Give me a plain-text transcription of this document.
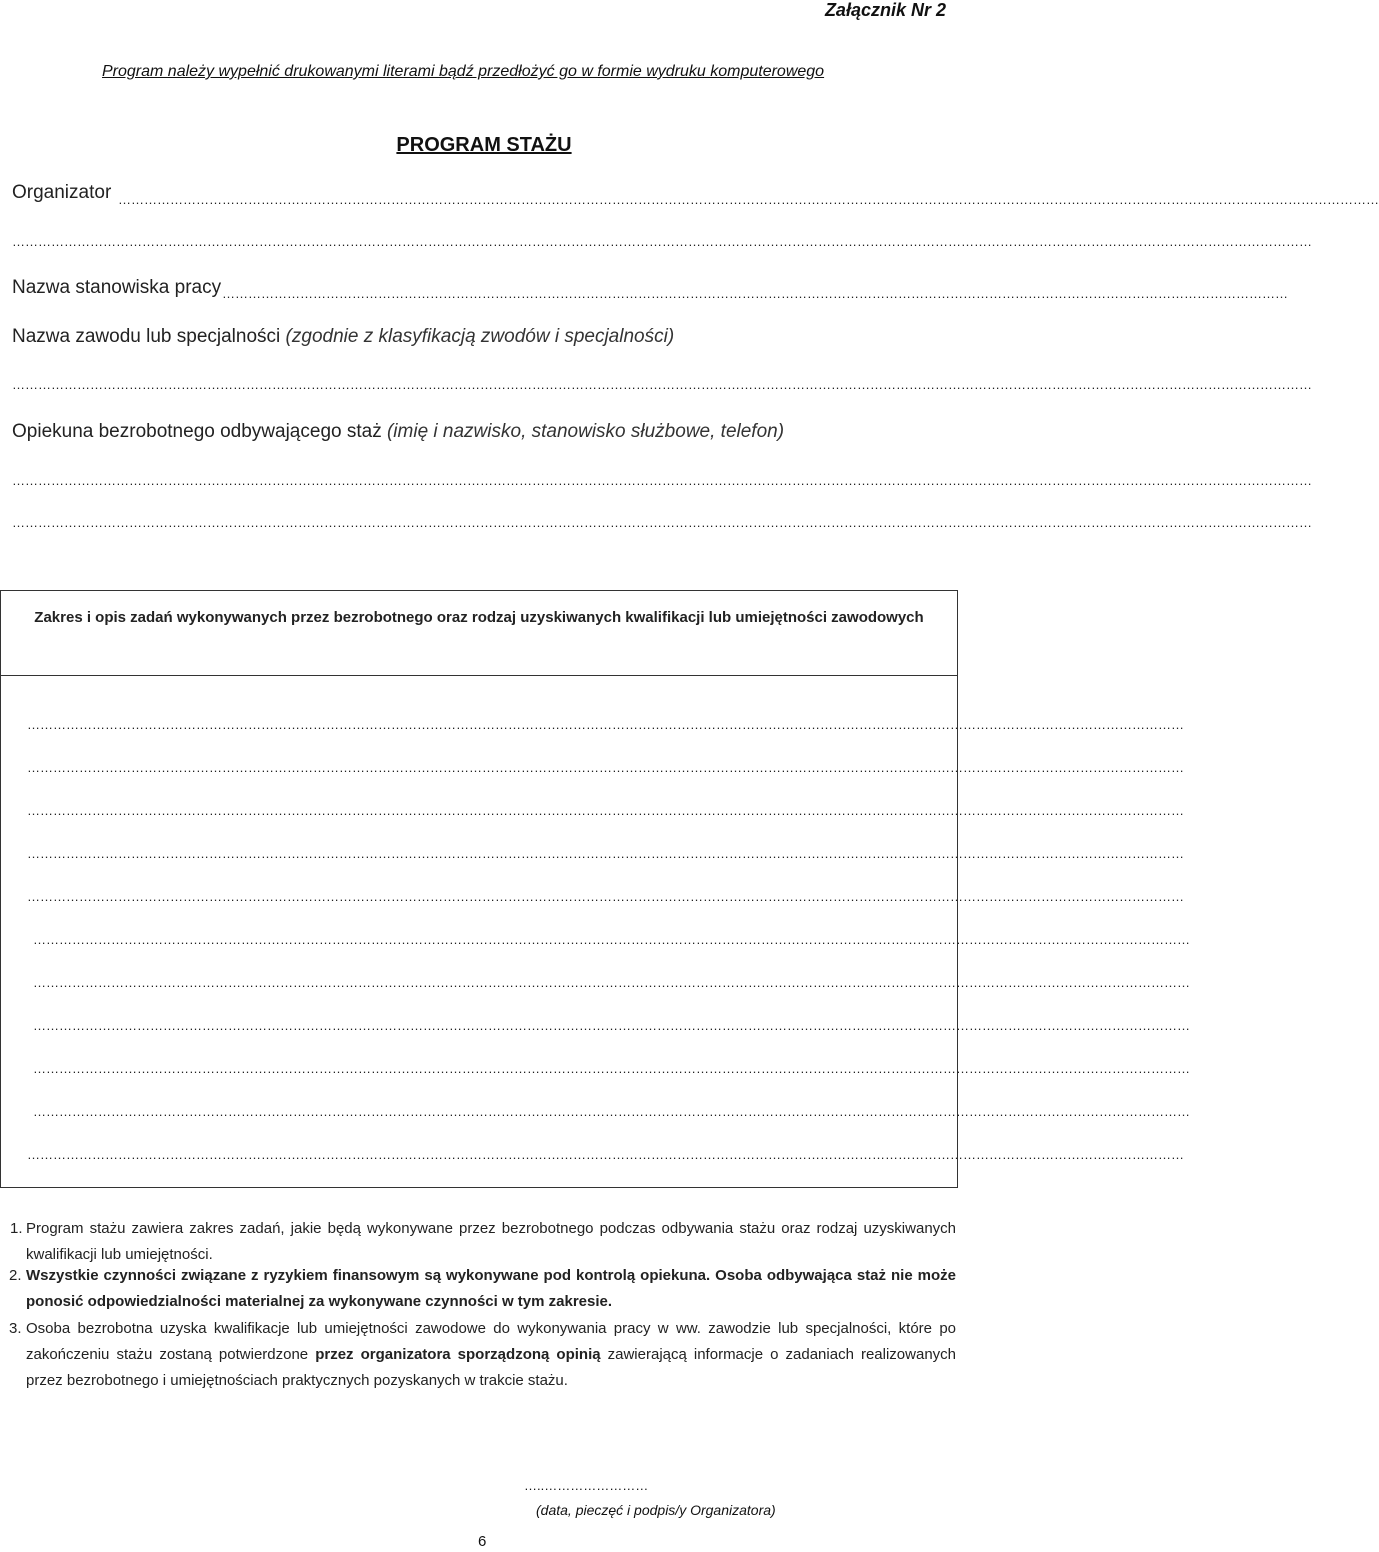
Załącznik Nr 2
Program należy wypełnić drukowanymi literami bądź przedłożyć go w formie wydruku komputerowego
PROGRAM STAŻU
Organizator …………………………………………………………………………………………………………………………………………………………………………………………………………………………………………………………………
…………………………………………………………………………………………………………………………………………………………………………………………………………………………………………………………………………
Nazwa stanowiska pracy …………………………………………………………………………………………………………………………………………………………………………………………………………………………
Nazwa zawodu lub specjalności (zgodnie z klasyfikacją zwodów i specjalności)
…………………………………………………………………………………………………………………………………………………………………………………………………………………………………………………………………………
Opiekuna bezrobotnego odbywającego staż (imię i nazwisko, stanowisko służbowe, telefon)
…………………………………………………………………………………………………………………………………………………………………………………………………………………………………………………………………………
…………………………………………………………………………………………………………………………………………………………………………………………………………………………………………………………………………
Zakres i opis zadań wykonywanych przez bezrobotnego oraz rodzaj uzyskiwanych kwalifikacji lub umiejętności zawodowych
……………………………………………………………………………………………………………………………………………………………………………………………………………………………………………
……………………………………………………………………………………………………………………………………………………………………………………………………………………………………………
……………………………………………………………………………………………………………………………………………………………………………………………………………………………………………
……………………………………………………………………………………………………………………………………………………………………………………………………………………………………………
……………………………………………………………………………………………………………………………………………………………………………………………………………………………………………
……………………………………………………………………………………………………………………………………………………………………………………………………………………………………………
……………………………………………………………………………………………………………………………………………………………………………………………………………………………………………
……………………………………………………………………………………………………………………………………………………………………………………………………………………………………………
……………………………………………………………………………………………………………………………………………………………………………………………………………………………………………
……………………………………………………………………………………………………………………………………………………………………………………………………………………………………………
……………………………………………………………………………………………………………………………………………………………………………………………………………………………………………
1. Program stażu zawiera zakres zadań, jakie będą wykonywane przez bezrobotnego podczas odbywania stażu oraz rodzaj uzyskiwanych kwalifikacji lub umiejętności.
2. Wszystkie czynności związane z ryzykiem finansowym są wykonywane pod kontrolą opiekuna. Osoba odbywająca staż nie może ponosić odpowiedzialności materialnej za wykonywane czynności w tym zakresie.
3. Osoba bezrobotna uzyska kwalifikacje lub umiejętności zawodowe do wykonywania pracy w ww. zawodzie lub specjalności, które po zakończeniu stażu zostaną potwierdzone przez organizatora sporządzoną opinią zawierającą informacje o zadaniach realizowanych przez bezrobotnego i umiejętnościach praktycznych pozyskanych w trakcie stażu.
…..……………………
(data, pieczęć i podpis/y Organizatora)
6
